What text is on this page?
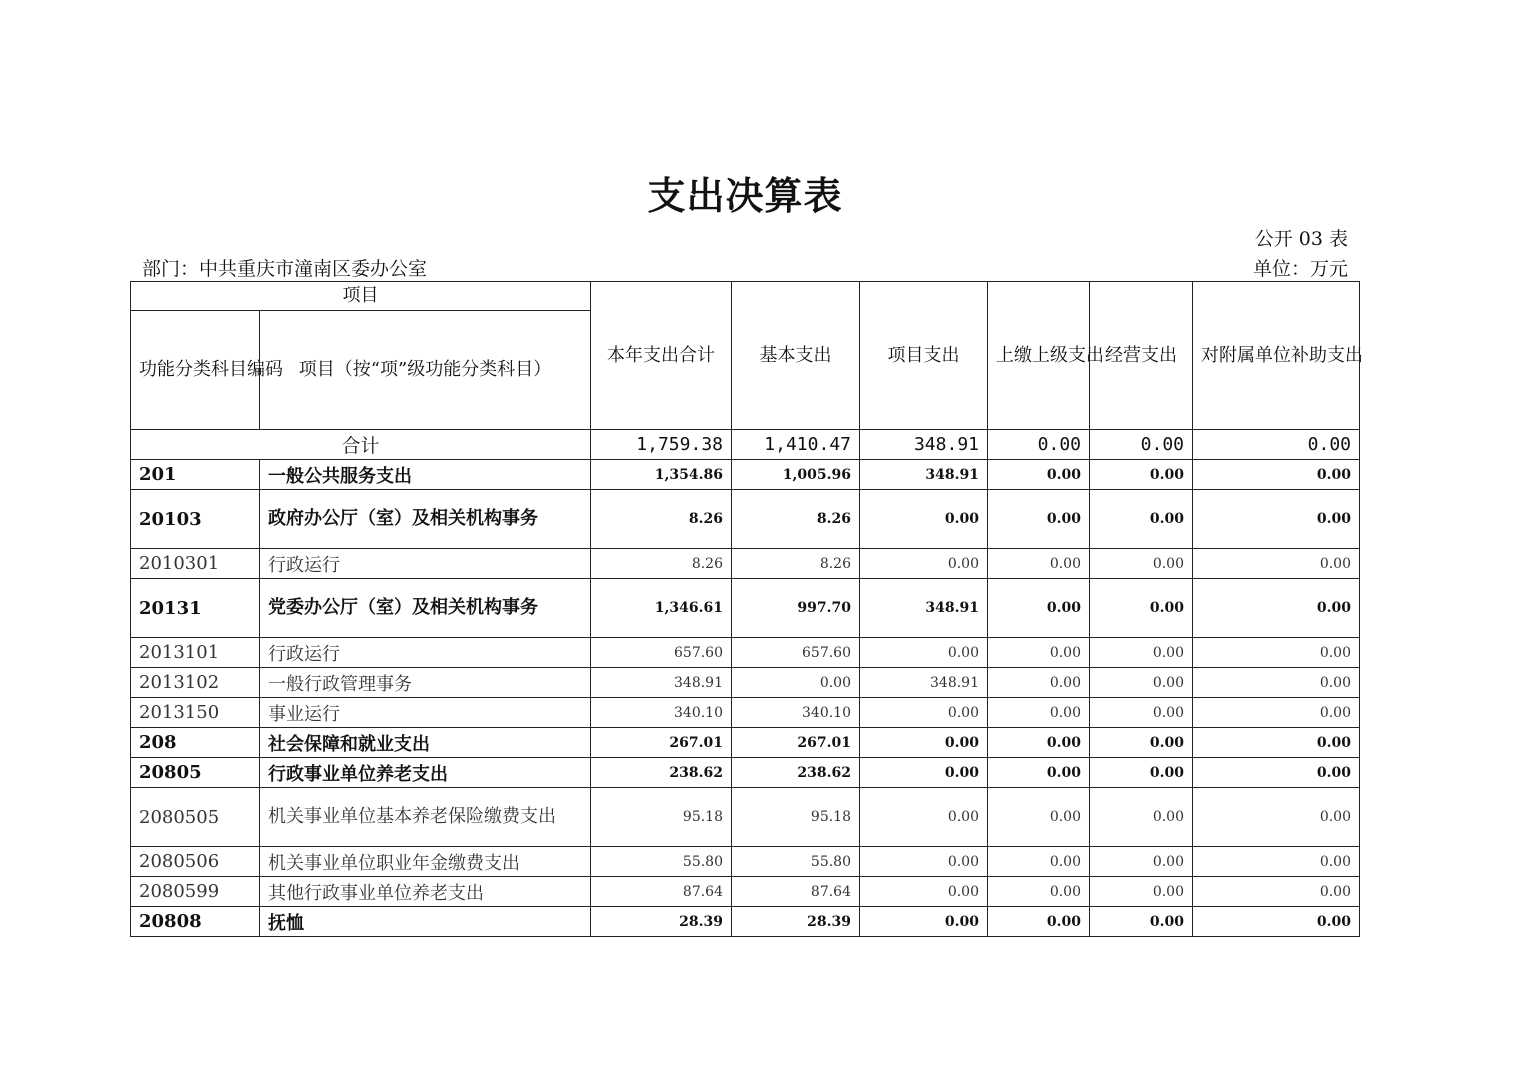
支出决算表
公开 03 表
部门：中共重庆市潼南区委办公室	单位：万元
项目		本年支出合计	基本支出	项目支出	上缴上级支出	经营支出	对附属单位补助支出
功能分类科目编码	项目（按“项”级功能分类科目）						
合计		1,759.38	1,410.47	348.91	0.00	0.00	0.00
201	一般公共服务支出	1,354.86	1,005.96	348.91	0.00	0.00	0.00
20103	政府办公厅（室）及相关机构事务	8.26	8.26	0.00	0.00	0.00	0.00
2010301	行政运行	8.26	8.26	0.00	0.00	0.00	0.00
20131	党委办公厅（室）及相关机构事务	1,346.61	997.70	348.91	0.00	0.00	0.00
2013101	行政运行	657.60	657.60	0.00	0.00	0.00	0.00
2013102	一般行政管理事务	348.91	0.00	348.91	0.00	0.00	0.00
2013150	事业运行	340.10	340.10	0.00	0.00	0.00	0.00
208	社会保障和就业支出	267.01	267.01	0.00	0.00	0.00	0.00
20805	行政事业单位养老支出	238.62	238.62	0.00	0.00	0.00	0.00
2080505	机关事业单位基本养老保险缴费支出	95.18	95.18	0.00	0.00	0.00	0.00
2080506	机关事业单位职业年金缴费支出	55.80	55.80	0.00	0.00	0.00	0.00
2080599	其他行政事业单位养老支出	87.64	87.64	0.00	0.00	0.00	0.00
20808	抚恤	28.39	28.39	0.00	0.00	0.00	0.00
